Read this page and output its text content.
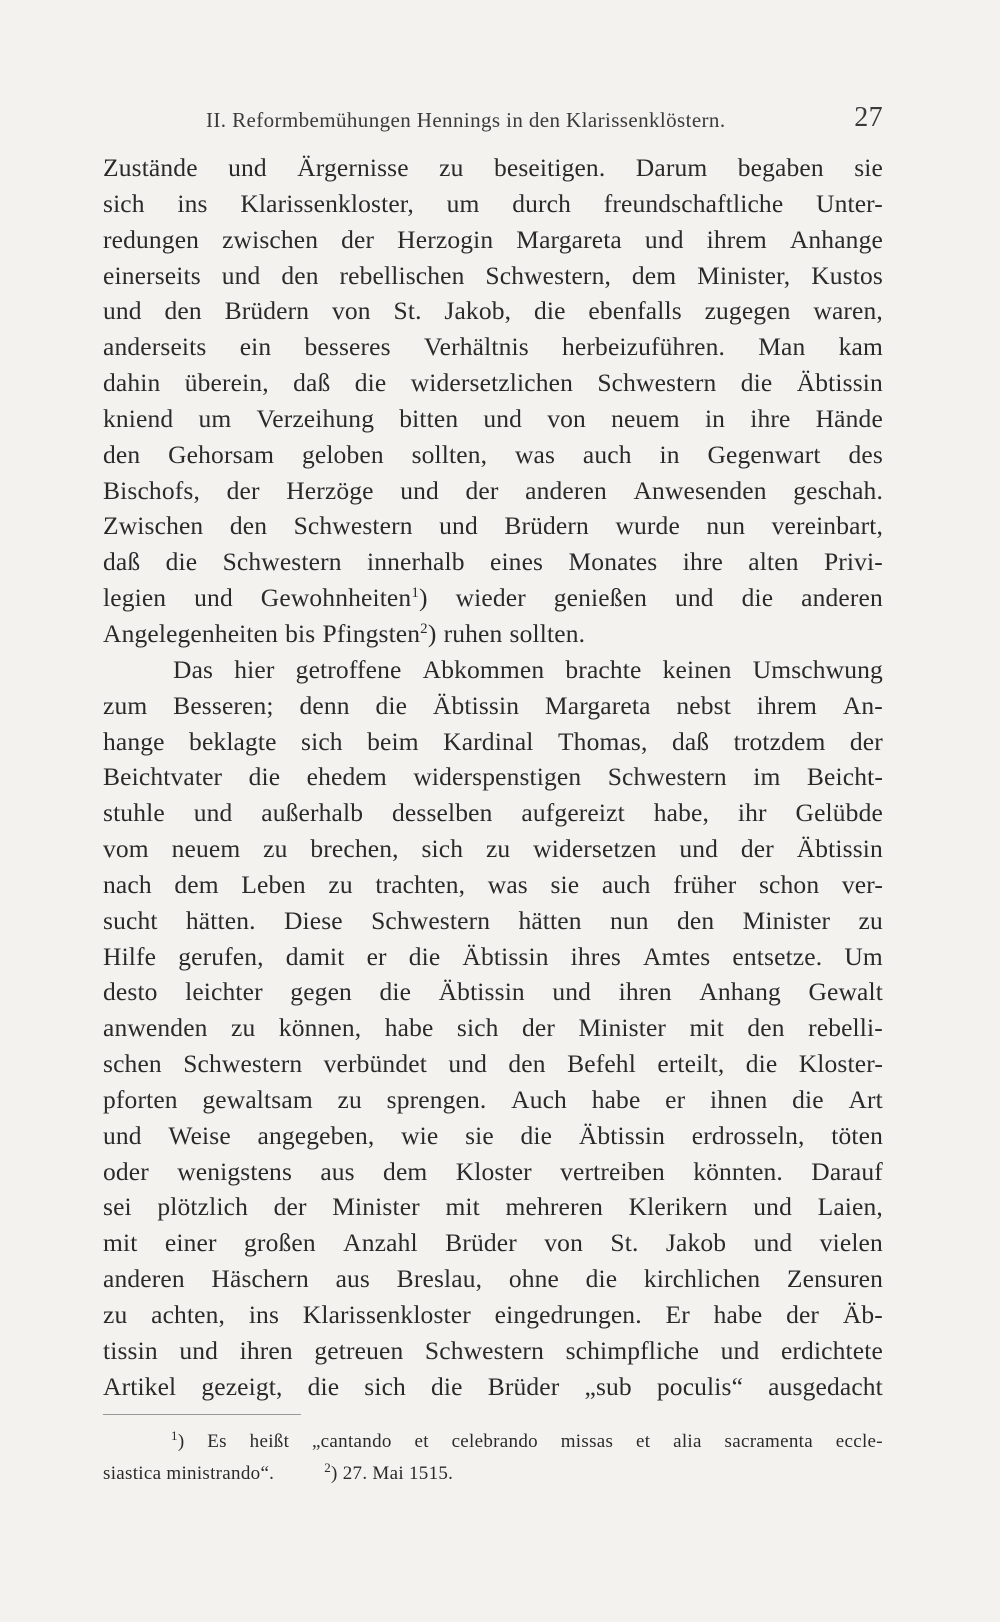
II. Reformbemühungen Hennings in den Klarissenklöstern.	27
Zustände und Ärgernisse zu beseitigen. Darum begaben sie
sich ins Klarissenkloster, um durch freundschaftliche Unter-
redungen zwischen der Herzogin Margareta und ihrem Anhange
einerseits und den rebellischen Schwestern, dem Minister, Kustos
und den Brüdern von St. Jakob, die ebenfalls zugegen waren,
anderseits ein besseres Verhältnis herbeizuführen. Man kam
dahin überein, daß die widersetzlichen Schwestern die Äbtissin
kniend um Verzeihung bitten und von neuem in ihre Hände
den Gehorsam geloben sollten, was auch in Gegenwart des
Bischofs, der Herzöge und der anderen Anwesenden geschah.
Zwischen den Schwestern und Brüdern wurde nun vereinbart,
daß die Schwestern innerhalb eines Monates ihre alten Privi-
legien und Gewohnheiten$^1$) wieder genießen und die anderen
Angelegenheiten bis Pfingsten$^2$) ruhen sollten.
Das hier getroffene Abkommen brachte keinen Umschwung
zum Besseren; denn die Äbtissin Margareta nebst ihrem An-
hange beklagte sich beim Kardinal Thomas, daß trotzdem der
Beichtvater die ehedem widerspenstigen Schwestern im Beicht-
stuhle und außerhalb desselben aufgereizt habe, ihr Gelübde
vom neuem zu brechen, sich zu widersetzen und der Äbtissin
nach dem Leben zu trachten, was sie auch früher schon ver-
sucht hätten. Diese Schwestern hätten nun den Minister zu
Hilfe gerufen, damit er die Äbtissin ihres Amtes entsetze. Um
desto leichter gegen die Äbtissin und ihren Anhang Gewalt
anwenden zu können, habe sich der Minister mit den rebelli-
schen Schwestern verbündet und den Befehl erteilt, die Kloster-
pforten gewaltsam zu sprengen. Auch habe er ihnen die Art
und Weise angegeben, wie sie die Äbtissin erdrosseln, töten
oder wenigstens aus dem Kloster vertreiben könnten. Darauf
sei plötzlich der Minister mit mehreren Klerikern und Laien,
mit einer großen Anzahl Brüder von St. Jakob und vielen
anderen Häschern aus Breslau, ohne die kirchlichen Zensuren
zu achten, ins Klarissenkloster eingedrungen. Er habe der Äb-
tissin und ihren getreuen Schwestern schimpfliche und erdichtete
Artikel gezeigt, die sich die Brüder „sub poculis“ ausgedacht
$^1$) Es heißt „cantando et celebrando missas et alia sacramenta eccle-
siastica ministrando“.	$^2$) 27. Mai 1515.
